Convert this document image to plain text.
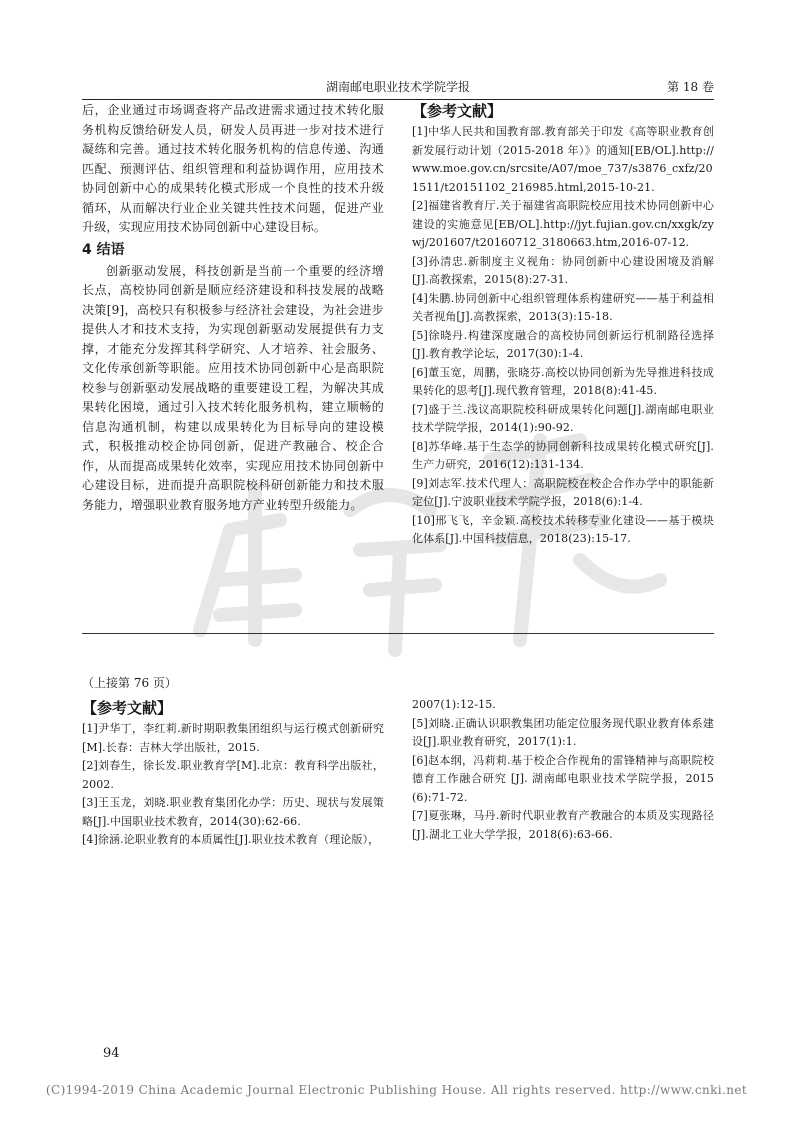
湖南邮电职业技术学院学报	第 18 卷

后，企业通过市场调查将产品改进需求通过技术转化服务机构反馈给研发人员，研发人员再进一步对技术进行凝练和完善。通过技术转化服务机构的信息传递、沟通匹配、预测评估、组织管理和利益协调作用，应用技术协同创新中心的成果转化模式形成一个良性的技术升级循环，从而解决行业企业关键共性技术问题，促进产业升级，实现应用技术协同创新中心建设目标。

4 结语

创新驱动发展，科技创新是当前一个重要的经济增长点，高校协同创新是顺应经济建设和科技发展的战略决策[9]，高校只有积极参与经济社会建设，为社会进步提供人才和技术支持，为实现创新驱动发展提供有力支撑，才能充分发挥其科学研究、人才培养、社会服务、文化传承创新等职能。应用技术协同创新中心是高职院校参与创新驱动发展战略的重要建设工程，为解决其成果转化困境，通过引入技术转化服务机构，建立顺畅的信息沟通机制，构建以成果转化为目标导向的建设模式，积极推动校企协同创新，促进产教融合、校企合作，从而提高成果转化效率，实现应用技术协同创新中心建设目标，进而提升高职院校科研创新能力和技术服务能力，增强职业教育服务地方产业转型升级能力。

【参考文献】
[1]中华人民共和国教育部.教育部关于印发《高等职业教育创新发展行动计划（2015-2018 年）》的通知[EB/OL].http://www.moe.gov.cn/srcsite/A07/moe_737/s3876_cxfz/201511/t20151102_216985.html,2015-10-21.
[2]福建省教育厅.关于福建省高职院校应用技术协同创新中心建设的实施意见[EB/OL].http://jyt.fujian.gov.cn/xxgk/zywj/201607/t20160712_3180663.htm,2016-07-12.
[3]孙清忠.新制度主义视角：协同创新中心建设困境及消解[J].高教探索，2015(8):27-31.
[4]朱鹏.协同创新中心组织管理体系构建研究——基于利益相关者视角[J].高教探索，2013(3):15-18.
[5]徐晓丹.构建深度融合的高校协同创新运行机制路径选择[J].教育教学论坛，2017(30):1-4.
[6]董玉宽，周鹏，张晓芬.高校以协同创新为先导推进科技成果转化的思考[J].现代教育管理，2018(8):41-45.
[7]盛于兰.浅议高职院校科研成果转化问题[J].湖南邮电职业技术学院学报，2014(1):90-92.
[8]苏华峰.基于生态学的协同创新科技成果转化模式研究[J].生产力研究，2016(12):131-134.
[9]刘志军.技术代理人：高职院校在校企合作办学中的职能新定位[J].宁波职业技术学院学报，2018(6):1-4.
[10]邢飞飞，辛金颖.高校技术转移专业化建设——基于模块化体系[J].中国科技信息，2018(23):15-17.

（上接第 76 页）

【参考文献】
[1]尹华丁，李红莉.新时期职教集团组织与运行模式创新研究[M].长春：吉林大学出版社，2015.
[2]刘春生，徐长发.职业教育学[M].北京：教育科学出版社，2002.
[3]王玉龙，刘晓.职业教育集团化办学：历史、现状与发展策略[J].中国职业技术教育，2014(30):62-66.
[4]徐涵.论职业教育的本质属性[J].职业技术教育（理论版），
2007(1):12-15.
[5]刘晓.正确认识职教集团功能定位服务现代职业教育体系建设[J].职业教育研究，2017(1):1.
[6]赵本纲，冯莉莉.基于校企合作视角的雷锋精神与高职院校德育工作融合研究 [J]. 湖南邮电职业技术学院学报，2015(6):71-72.
[7]夏张琳，马丹.新时代职业教育产教融合的本质及实现路径[J].湖北工业大学学报，2018(6):63-66.
94
(C)1994-2019 China Academic Journal Electronic Publishing House. All rights reserved. http://www.cnki.net
